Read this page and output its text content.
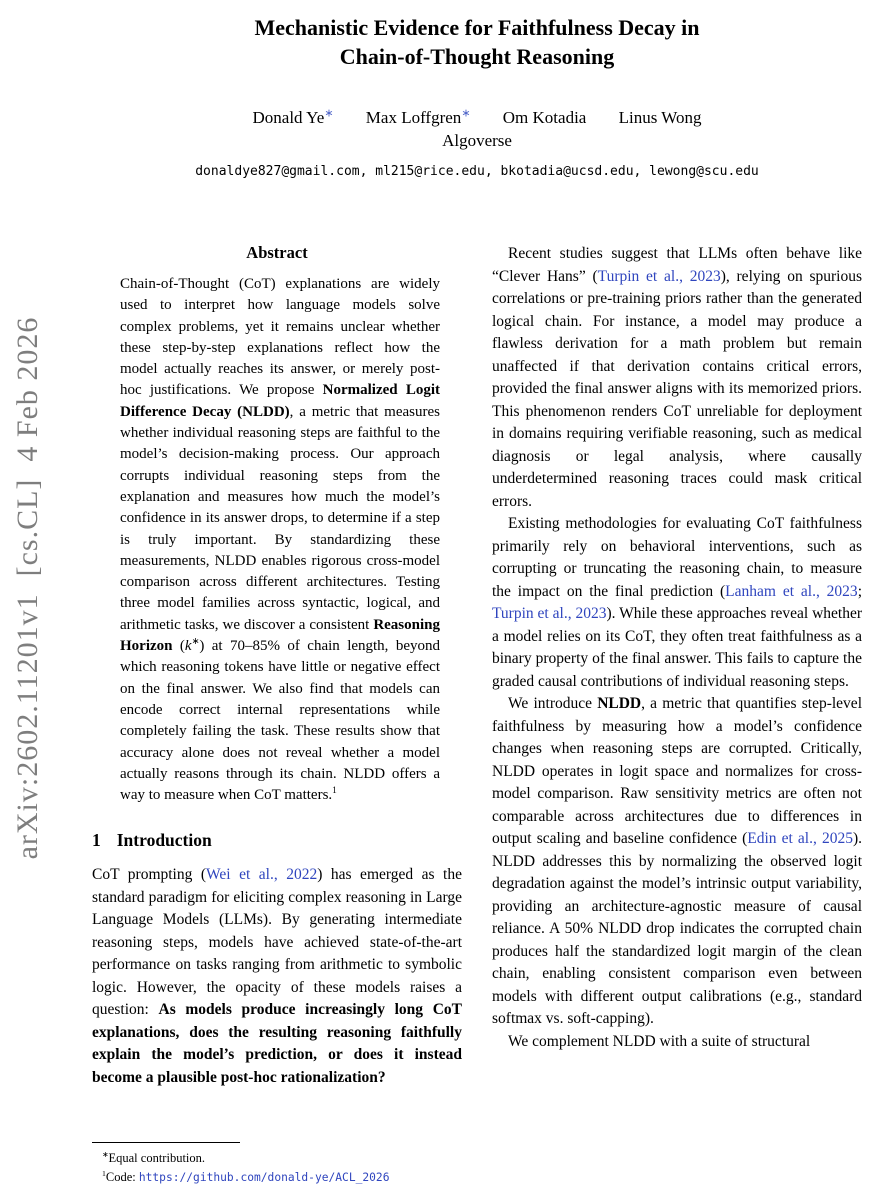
arXiv:2602.11201v1  [cs.CL]  4 Feb 2026
Mechanistic Evidence for Faithfulness Decay in
Chain-of-Thought Reasoning
Donald Ye∗ Max Loffgren∗ Om Kotadia Linus Wong
Algoverse
donaldye827@gmail.com, ml215@rice.edu, bkotadia@ucsd.edu, lewong@scu.edu
Abstract

Chain-of-Thought (CoT) explanations are widely used to interpret how language models solve complex problems, yet it remains unclear whether these step-by-step explanations reflect how the model actually reaches its answer, or merely post-hoc justifications. We propose Normalized Logit Difference Decay (NLDD), a metric that measures whether individual reasoning steps are faithful to the model’s decision-making process. Our approach corrupts individual reasoning steps from the explanation and measures how much the model’s confidence in its answer drops, to determine if a step is truly important. By standardizing these measurements, NLDD enables rigorous cross-model comparison across different architectures. Testing three model families across syntactic, logical, and arithmetic tasks, we discover a consistent Reasoning Horizon (k∗) at 70–85% of chain length, beyond which reasoning tokens have little or negative effect on the final answer. We also find that models can encode correct internal representations while completely failing the task. These results show that accuracy alone does not reveal whether a model actually reasons through its chain. NLDD offers a way to measure when CoT matters.$^1$

1 Introduction

CoT prompting (Wei et al., 2022) has emerged as the standard paradigm for eliciting complex reasoning in Large Language Models (LLMs). By generating intermediate reasoning steps, models have achieved state-of-the-art performance on tasks ranging from arithmetic to symbolic logic. However, the opacity of these models raises a question: As models produce increasingly long CoT explanations, does the resulting reasoning faithfully explain the model’s prediction, or does it instead become a plausible post-hoc rationalization?

Recent studies suggest that LLMs often behave like “Clever Hans” (Turpin et al., 2023), relying on spurious correlations or pre-training priors rather than the generated logical chain. For instance, a model may produce a flawless derivation for a math problem but remain unaffected if that derivation contains critical errors, provided the final answer aligns with its memorized priors. This phenomenon renders CoT unreliable for deployment in domains requiring verifiable reasoning, such as medical diagnosis or legal analysis, where causally underdetermined reasoning traces could mask critical errors.

Existing methodologies for evaluating CoT faithfulness primarily rely on behavioral interventions, such as corrupting or truncating the reasoning chain, to measure the impact on the final prediction (Lanham et al., 2023; Turpin et al., 2023). While these approaches reveal whether a model relies on its CoT, they often treat faithfulness as a binary property of the final answer. This fails to capture the graded causal contributions of individual reasoning steps.

We introduce NLDD, a metric that quantifies step-level faithfulness by measuring how a model’s confidence changes when reasoning steps are corrupted. Critically, NLDD operates in logit space and normalizes for cross-model comparison. Raw sensitivity metrics are often not comparable across architectures due to differences in output scaling and baseline confidence (Edin et al., 2025). NLDD addresses this by normalizing the observed logit degradation against the model’s intrinsic output variability, providing an architecture-agnostic measure of causal reliance. A 50% NLDD drop indicates the corrupted chain produces half the standardized logit margin of the clean chain, enabling consistent comparison even between models with different output calibrations (e.g., standard softmax vs. soft-capping).

We complement NLDD with a suite of structural

∗Equal contribution.

$^1$Code: https://github.com/donald-ye/ACL_2026
